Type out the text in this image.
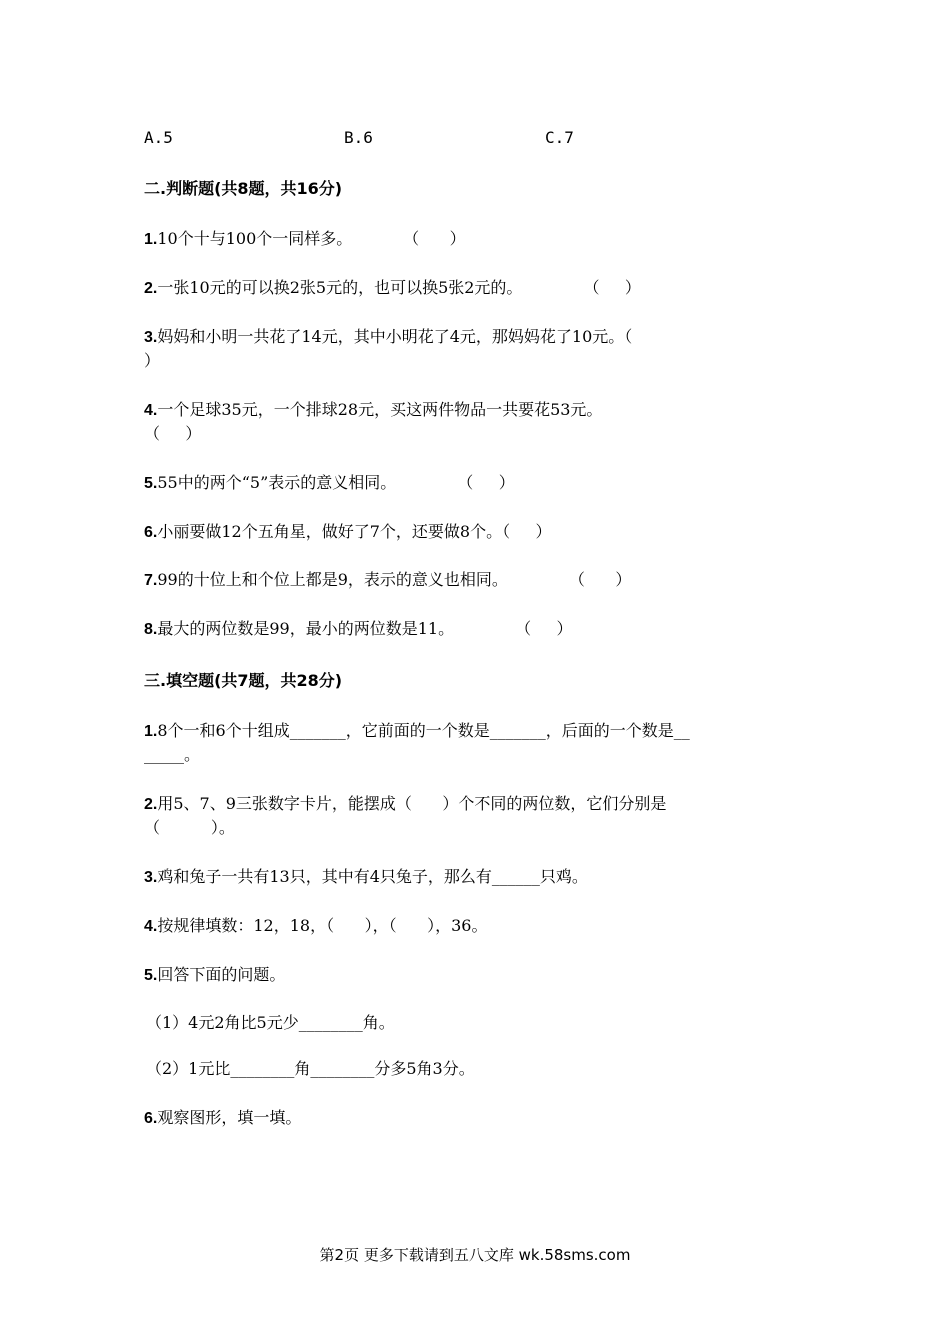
A.5	B.6	C.7
二.判断题(共8题，共16分)
1.10个十与100个一同样多。          （      ）
2.一张10元的可以换2张5元的，也可以换5张2元的。            （     ）
3.妈妈和小明一共花了14元，其中小明花了4元，那妈妈花了10元。（
）
4.一个足球35元，一个排球28元，买这两件物品一共要花53元。
（     ）
5.55中的两个“5”表示的意义相同。            （     ）
6.小丽要做12个五角星，做好了7个，还要做8个。（     ）
7.99的十位上和个位上都是9，表示的意义也相同。            （      ）
8.最大的两位数是99，最小的两位数是11。            （     ）
三.填空题(共7题，共28分)
1.8个一和6个十组成_______，它前面的一个数是_______，后面的一个数是__
_____。
2.用5、7、9三张数字卡片，能摆成（      ）个不同的两位数，它们分别是
（          ）。
3.鸡和兔子一共有13只，其中有4只兔子，那么有______只鸡。
4.按规律填数：12，18，（      ），（      ），36。
5.回答下面的问题。
（1）4元2角比5元少________角。
（2）1元比________角________分多5角3分。
6.观察图形，填一填。
第2页 更多下载请到五八文库 wk.58sms.com
